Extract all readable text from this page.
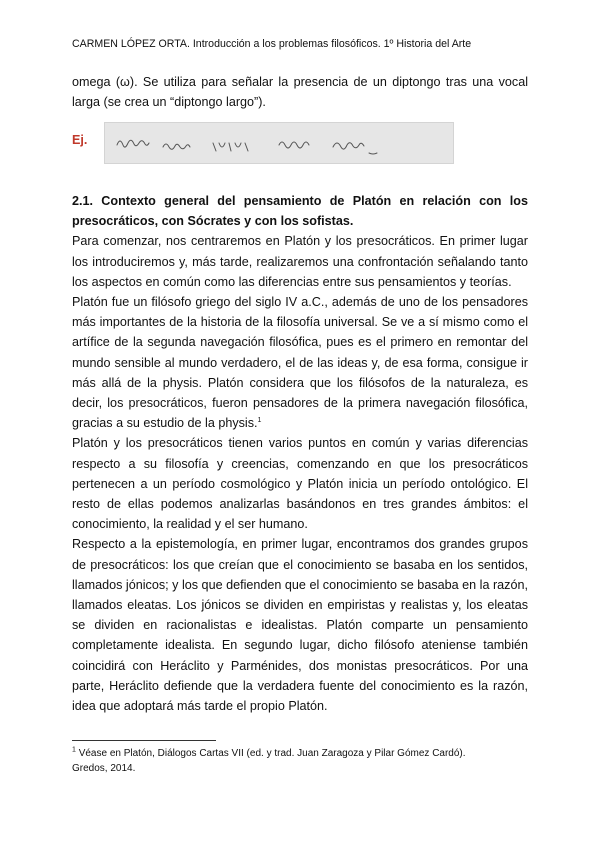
CARMEN LÓPEZ ORTA. Introducción a los problemas filosóficos. 1º Historia del Arte

omega (ω). Se utiliza para señalar la presencia de un diptongo tras una vocal larga (se crea un “diptongo largo”).

Ej.

2.1. Contexto general del pensamiento de Platón en relación con los presocráticos, con Sócrates y con los sofistas.

Para comenzar, nos centraremos en Platón y los presocráticos. En primer lugar los introduciremos y, más tarde, realizaremos una confrontación señalando tanto los aspectos en común como las diferencias entre sus pensamientos y teorías.

Platón fue un filósofo griego del siglo IV a.C., además de uno de los pensadores más importantes de la historia de la filosofía universal. Se ve a sí mismo como el artífice de la segunda navegación filosófica, pues es el primero en remontar del mundo sensible al mundo verdadero, el de las ideas y, de esa forma, consigue ir más allá de la physis. Platón considera que los filósofos de la naturaleza, es decir, los presocráticos, fueron pensadores de la primera navegación filosófica, gracias a su estudio de la physis.$^1$

Platón y los presocráticos tienen varios puntos en común y varias diferencias respecto a su filosofía y creencias, comenzando en que los presocráticos pertenecen a un período cosmológico y Platón inicia un período ontológico. El resto de ellas podemos analizarlas basándonos en tres grandes ámbitos: el conocimiento, la realidad y el ser humano.

Respecto a la epistemología, en primer lugar, encontramos dos grandes grupos de presocráticos: los que creían que el conocimiento se basaba en los sentidos, llamados jónicos; y los que defienden que el conocimiento se basaba en la razón, llamados eleatas. Los jónicos se dividen en empiristas y realistas y, los eleatas se dividen en racionalistas e idealistas. Platón comparte un pensamiento completamente idealista. En segundo lugar, dicho filósofo ateniense también coincidirá con Heráclito y Parménides, dos monistas presocráticos. Por una parte, Heráclito defiende que la verdadera fuente del conocimiento es la razón, idea que adoptará más tarde el propio Platón.

$^1$ Véase en Platón, Diálogos Cartas VII (ed. y trad. Juan Zaragoza y Pilar Gómez Cardó).

Gredos, 2014.
